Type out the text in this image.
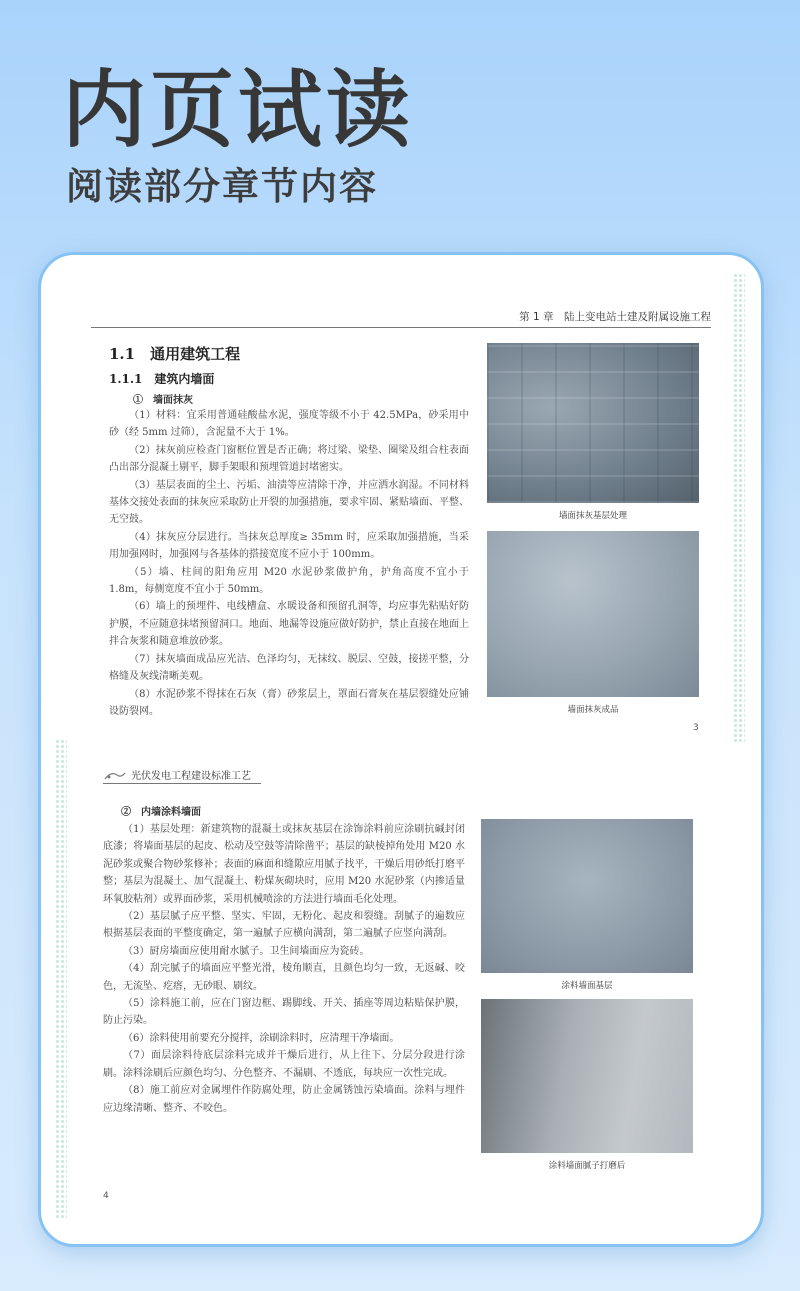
内页试读
阅读部分章节内容
第 1 章　陆上变电站土建及附属设施工程
1.1　通用建筑工程
1.1.1　建筑内墙面
①　墙面抹灰

（1）材料：宜采用普通硅酸盐水泥，强度等级不小于 42.5MPa，砂采用中砂（经 5mm 过筛），含泥量不大于 1%。

（2）抹灰前应检查门窗框位置是否正确；将过梁、梁垫、圈梁及组合柱表面凸出部分混凝土剔平，脚手架眼和预埋管道封堵密实。

（3）基层表面的尘土、污垢、油渍等应清除干净，并应洒水润湿。不同材料基体交接处表面的抹灰应采取防止开裂的加强措施，要求牢固、紧贴墙面、平整、无空鼓。

（4）抹灰应分层进行。当抹灰总厚度≥ 35mm 时，应采取加强措施，当采用加强网时，加强网与各基体的搭接宽度不应小于 100mm。

（5）墙、柱间的阳角应用 M20 水泥砂浆做护角，护角高度不宜小于 1.8m，每侧宽度不宜小于 50mm。

（6）墙上的预埋件、电线槽盒、水暖设备和预留孔洞等，均应事先粘贴好防护膜，不应随意抹堵预留洞口。地面、地漏等设施应做好防护，禁止直接在地面上拌合灰浆和随意堆放砂浆。

（7）抹灰墙面成品应光洁、色泽均匀，无抹纹、脱层、空鼓，接搓平整，分格缝及灰线清晰美观。

（8）水泥砂浆不得抹在石灰（膏）砂浆层上，罩面石膏灰在基层裂缝处应铺设防裂网。

墙面抹灰基层处理
墙面抹灰成品
3
光伏发电工程建设标准工艺
②　内墙涂料墙面

（1）基层处理：新建筑物的混凝土或抹灰基层在涂饰涂料前应涂刷抗碱封闭底漆；将墙面基层的起皮、松动及空鼓等清除凿平；基层的缺棱掉角处用 M20 水泥砂浆或聚合物砂浆修补；表面的麻面和缝隙应用腻子找平，干燥后用砂纸打磨平整；基层为混凝土、加气混凝土、粉煤灰砌块时，应用 M20 水泥砂浆（内掺适量环氧胶粘剂）或界面砂浆，采用机械喷涂的方法进行墙面毛化处理。

（2）基层腻子应平整、坚实、牢固，无粉化、起皮和裂缝。刮腻子的遍数应根据基层表面的平整度确定，第一遍腻子应横向满刮，第二遍腻子应竖向满刮。

（3）厨房墙面应使用耐水腻子。卫生间墙面应为瓷砖。

（4）刮完腻子的墙面应平整光滑，棱角顺直，且颜色均匀一致，无返碱、咬色，无流坠、疙瘩，无砂眼、刷纹。

（5）涂料施工前，应在门窗边框、踢脚线、开关、插座等周边粘贴保护膜，防止污染。

（6）涂料使用前要充分搅拌，涂刷涂料时，应清理干净墙面。

（7）面层涂料待底层涂料完成并干燥后进行，从上往下、分层分段进行涂刷。涂料涂刷后应颜色均匀、分色整齐、不漏刷、不透底，每块应一次性完成。

（8）施工前应对金属埋件作防腐处理，防止金属锈蚀污染墙面。涂料与埋件应边缘清晰、整齐、不咬色。

涂料墙面基层
涂料墙面腻子打磨后
4
